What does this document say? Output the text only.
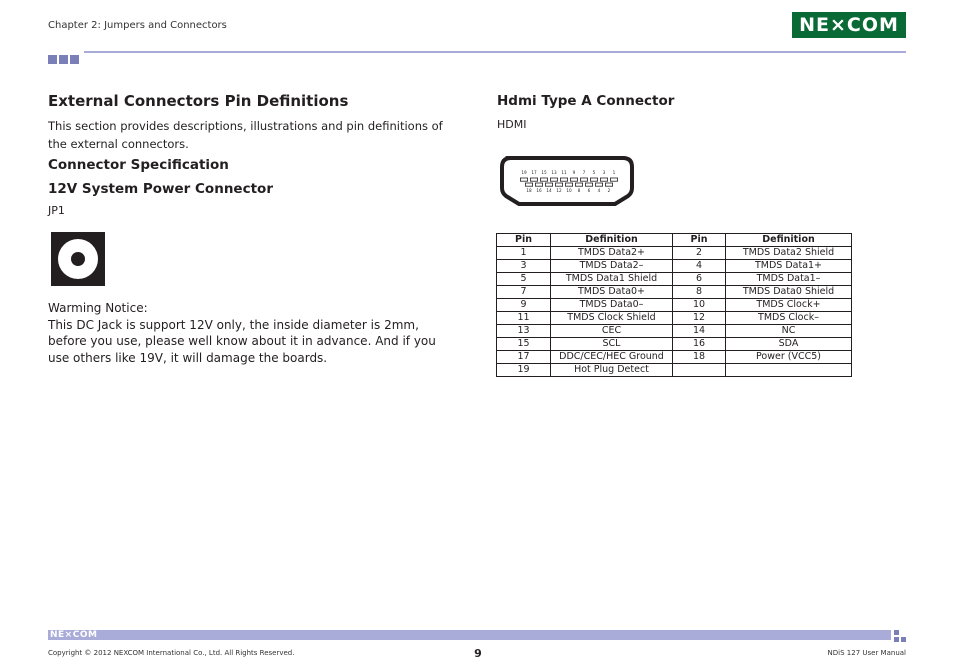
Chapter 2: Jumpers and Connectors	NE⨯COM
External Connectors Pin Definitions

This section provides descriptions, illustrations and pin definitions of the external connectors.

Connector Specification
12V System Power Connector
JP1
Warming Notice:
This DC Jack is support 12V only, the inside diameter is 2mm, before you use, please well know about it in advance. And if you use others like 19V, it will damage the boards.
Hdmi Type A Connector
HDMI
19 17 15 13 11 9 7 5 3 1
18 16 14 12 10 8 6 4 2
Pin	Definition	Pin	Definition
1	TMDS Data2+	2	TMDS Data2 Shield
3	TMDS Data2–	4	TMDS Data1+
5	TMDS Data1 Shield	6	TMDS Data1–
7	TMDS Data0+	8	TMDS Data0 Shield
9	TMDS Data0–	10	TMDS Clock+
11	TMDS Clock Shield	12	TMDS Clock–
13	CEC	14	NC
15	SCL	16	SDA
17	DDC/CEC/HEC Ground	18	Power (VCC5)
19	Hot Plug Detect		
NE⨯COM
Copyright © 2012 NEXCOM International Co., Ltd. All Rights Reserved.	9	NDiS 127 User Manual
